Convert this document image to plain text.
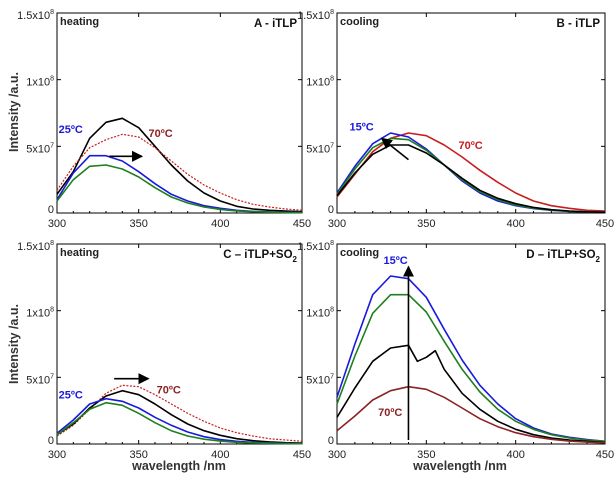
Intensity /a.u.
Intensity /a.u.
wavelength /nm	wavelength /nm
300	350	400	450
0
$5x10^7$
$1x10^8$
$1.5x10^8$
25ºC	70ºC
heating	A - iTLP
300	350	400	450
0
$5x10^7$
$1x10^8$
$1.5x10^8$
15ºC
70ºC
cooling	B - iTLP
300	350	400	450
0
$5x10^7$
$1x10^8$
$1.5x10^8$
25ºC	70ºC
heating	$C - iTLP+SO_2$
300	350	400	450
0
$5x10^7$
$1x10^8$
$1.5x10^8$
15ºC
70ºC
cooling	$D - iTLP+SO_2$
